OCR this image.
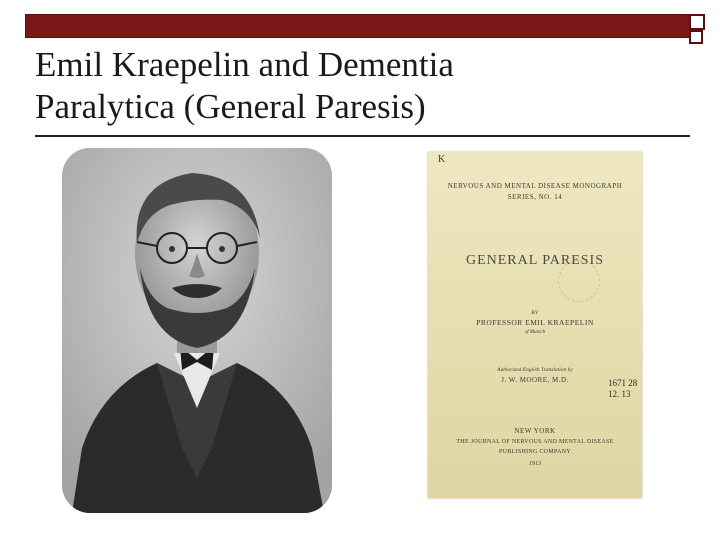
Emil Kraepelin and Dementia
Paralytica (General Paresis)

K

NERVOUS AND MENTAL DISEASE MONOGRAPH

SERIES, NO. 14

GENERAL PARESIS

BY

PROFESSOR EMIL KRAEPELIN

of Munich

Authorized English Translation by

J. W. MOORE, M.D.	1671 28
12. 13

NEW YORK

THE JOURNAL OF NERVOUS AND MENTAL DISEASE

PUBLISHING COMPANY

1913
